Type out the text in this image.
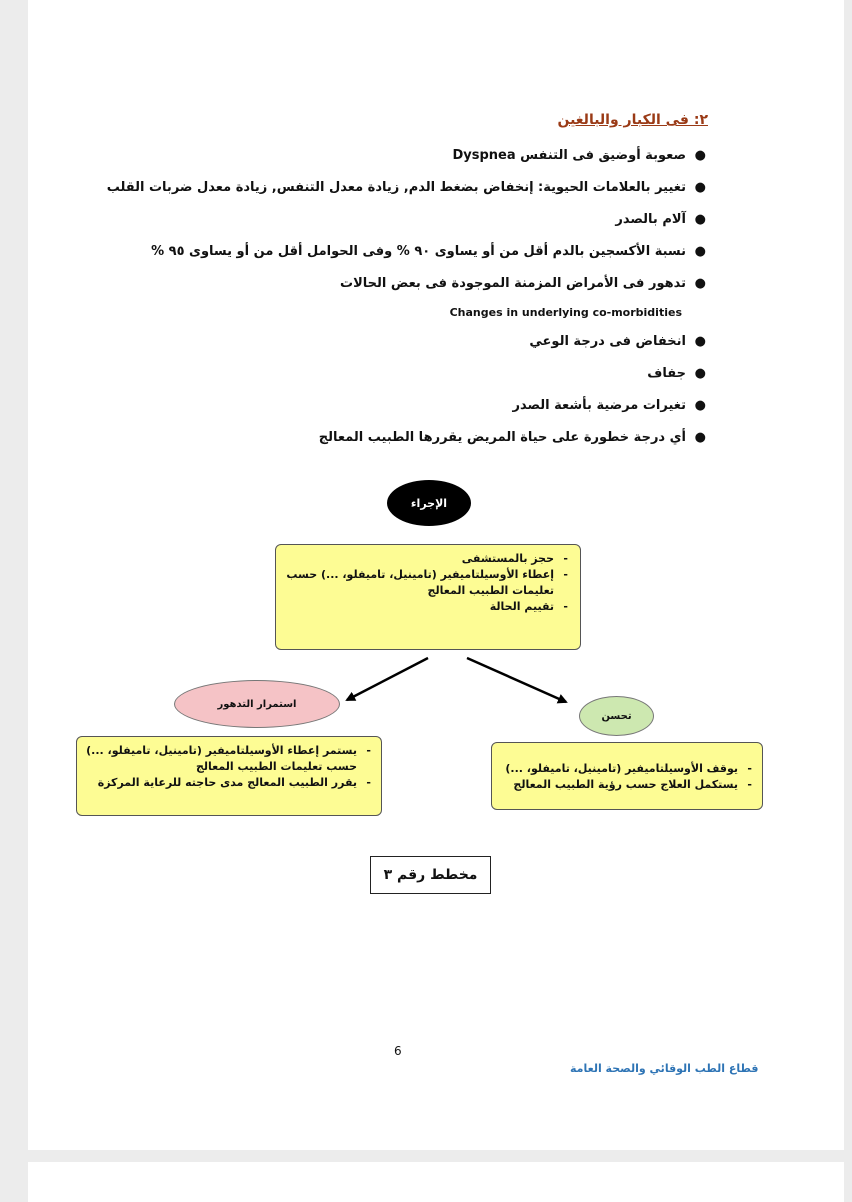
٢: فى الكبار والبالغين
●
صعوبة أوضيق فى التنفس Dyspnea
●
تغيير بالعلامات الحيوية: إنخفاض بضغط الدم, زيادة معدل التنفس, زيادة معدل ضربات القلب
●
آلام بالصدر
●
نسبة الأكسجين بالدم أقل من أو يساوى ٩٠ % وفى الحوامل أقل من أو يساوى ٩٥ %
●
تدهور فى الأمراض المزمنة الموجودة فى بعض الحالات
Changes in underlying co-morbidities
●
انخفاض فى درجة الوعي
●
جفاف
●
تغيرات مرضية بأشعة الصدر
●
أي درجة خطورة على حياة المريض يقررها الطبيب المعالج
الإجراء
- حجز بالمستشفى
- إعطاء الأوسيلتاميفير (تامينيل، تاميفلو، ...) حسب تعليمات الطبيب المعالج
- تقييم الحالة
استمرار التدهور
تحسن
- يستمر إعطاء الأوسيلتاميفير (تامينيل، تاميفلو، ...) حسب تعليمات الطبيب المعالج
- يقرر الطبيب المعالج مدى حاجته للرعاية المركزة
- يوقف الأوسيلتاميفير (تامينيل، تاميفلو، ...)
- يستكمل العلاج حسب رؤية الطبيب المعالج
مخطط رقم ٣
6
قطاع الطب الوقائي والصحة العامة
